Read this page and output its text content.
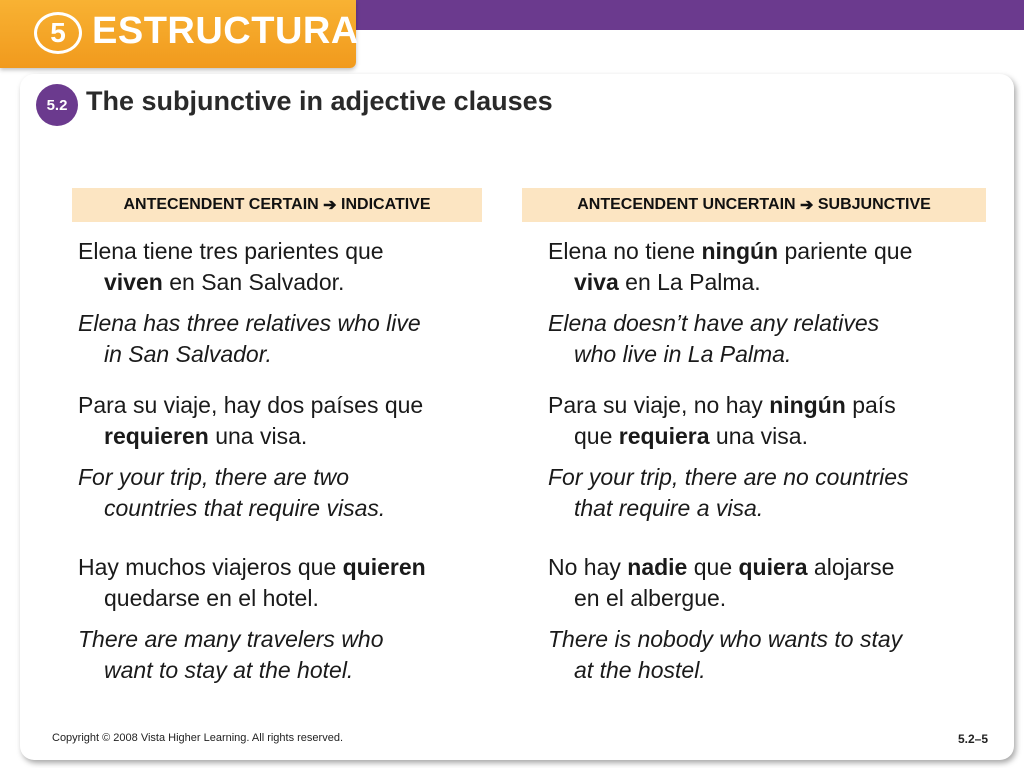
5 ESTRUCTURA
5.2 The subjunctive in adjective clauses
ANTECENDENT CERTAIN ➔ INDICATIVE	ANTECENDENT UNCERTAIN ➔ SUBJUNCTIVE
Elena tiene tres parientes que
viven en San Salvador.
Elena has three relatives who live
in San Salvador.
Para su viaje, hay dos países que
requieren una visa.
For your trip, there are two
countries that require visas.
Hay muchos viajeros que quieren
quedarse en el hotel.
There are many travelers who
want to stay at the hotel.
Elena no tiene ningún pariente que
viva en La Palma.
Elena doesn’t have any relatives
who live in La Palma.
Para su viaje, no hay ningún país
que requiera una visa.
For your trip, there are no countries
that require a visa.
No hay nadie que quiera alojarse
en el albergue.
There is nobody who wants to stay
at the hostel.
Copyright © 2008 Vista Higher Learning. All rights reserved.	5.2–5
